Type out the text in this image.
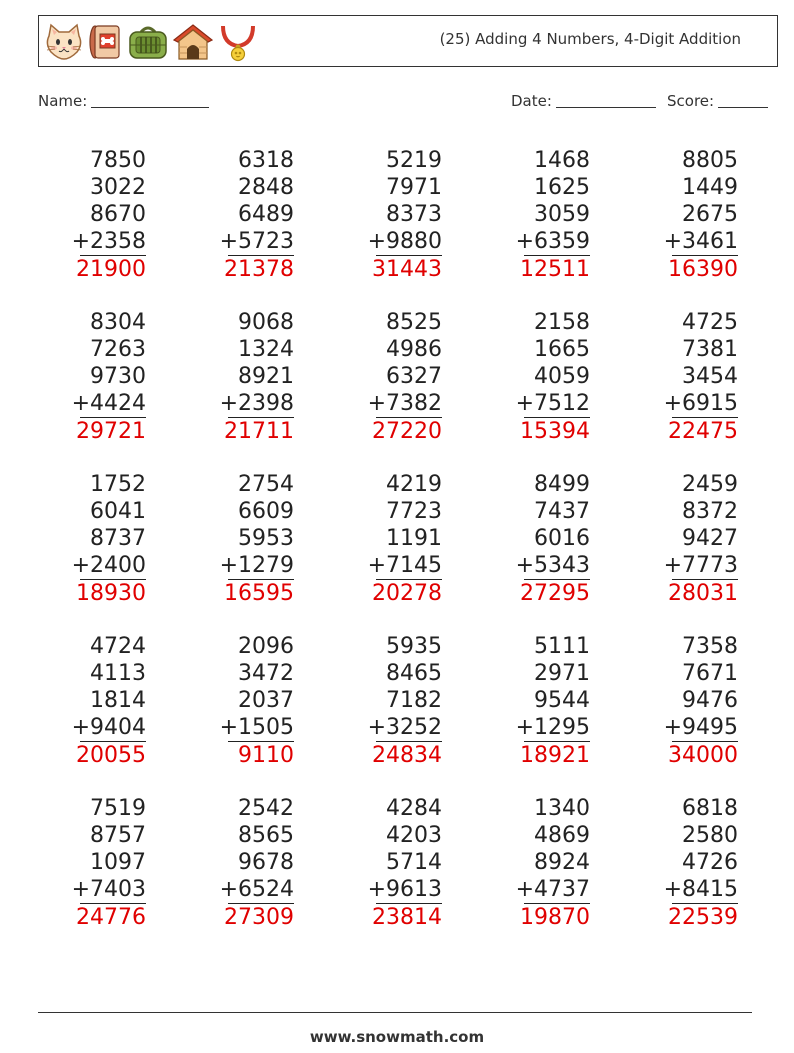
(25) Adding 4 Numbers, 4-Digit Addition
Name:	Date:	Score:
7850
3022
8670
+2358
21900
6318
2848
6489
+5723
21378
5219
7971
8373
+9880
31443
1468
1625
3059
+6359
12511
8805
1449
2675
+3461
16390
8304
7263
9730
+4424
29721
9068
1324
8921
+2398
21711
8525
4986
6327
+7382
27220
2158
1665
4059
+7512
15394
4725
7381
3454
+6915
22475
1752
6041
8737
+2400
18930
2754
6609
5953
+1279
16595
4219
7723
1191
+7145
20278
8499
7437
6016
+5343
27295
2459
8372
9427
+7773
28031
4724
4113
1814
+9404
20055
2096
3472
2037
+1505
9110
5935
8465
7182
+3252
24834
5111
2971
9544
+1295
18921
7358
7671
9476
+9495
34000
7519
8757
1097
+7403
24776
2542
8565
9678
+6524
27309
4284
4203
5714
+9613
23814
1340
4869
8924
+4737
19870
6818
2580
4726
+8415
22539
www.snowmath.com
